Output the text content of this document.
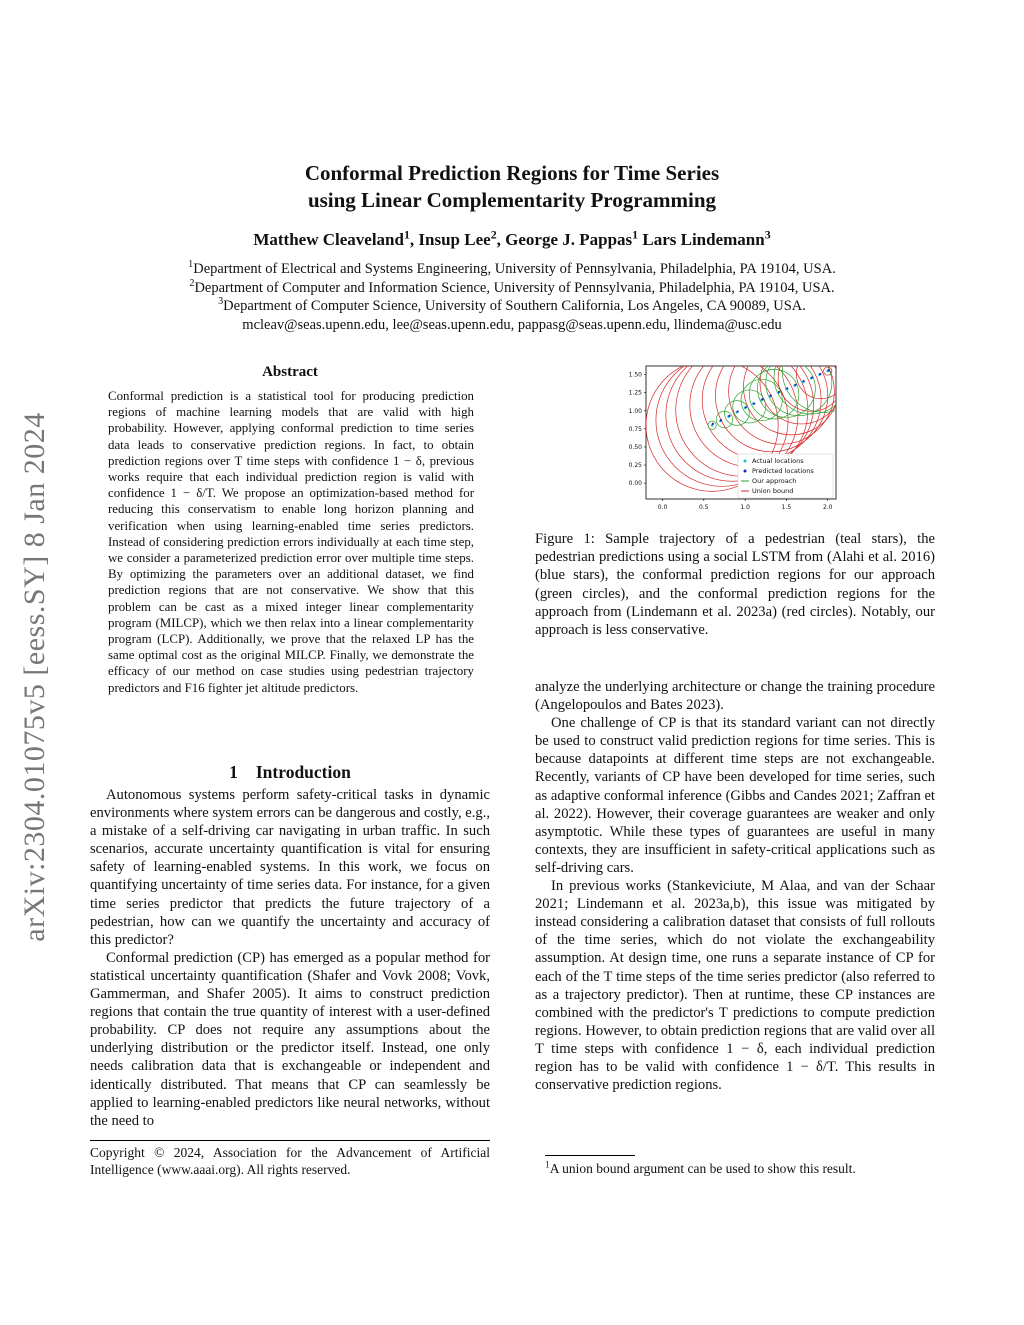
Conformal Prediction Regions for Time Series
using Linear Complementarity Programming
Matthew Cleaveland$^1$, Insup Lee$^2$, George J. Pappas$^1$ Lars Lindemann$^3$
$^1$Department of Electrical and Systems Engineering, University of Pennsylvania, Philadelphia, PA 19104, USA.
$^2$Department of Computer and Information Science, University of Pennsylvania, Philadelphia, PA 19104, USA.
$^3$Department of Computer Science, University of Southern California, Los Angeles, CA 90089, USA.
mcleav@seas.upenn.edu, lee@seas.upenn.edu, pappasg@seas.upenn.edu, llindema@usc.edu
arXiv:2304.01075v5 [eess.SY] 8 Jan 2024
Abstract
Conformal prediction is a statistical tool for producing prediction regions of machine learning models that are valid with high probability. However, applying conformal prediction to time series data leads to conservative prediction regions. In fact, to obtain prediction regions over T time steps with confidence 1 − δ, previous works require that each individual prediction region is valid with confidence 1 − δ/T. We propose an optimization-based method for reducing this conservatism to enable long horizon planning and verification when using learning-enabled time series predictors. Instead of considering prediction errors individually at each time step, we consider a parameterized prediction error over multiple time steps. By optimizing the parameters over an additional dataset, we find prediction regions that are not conservative. We show that this problem can be cast as a mixed integer linear complementarity program (MILCP), which we then relax into a linear complementarity program (LCP). Additionally, we prove that the relaxed LP has the same optimal cost as the original MILCP. Finally, we demonstrate the efficacy of our method on case studies using pedestrian trajectory predictors and F16 fighter jet altitude predictors.
1 Introduction

Autonomous systems perform safety-critical tasks in dynamic environments where system errors can be dangerous and costly, e.g., a mistake of a self-driving car navigating in urban traffic. In such scenarios, accurate uncertainty quantification is vital for ensuring safety of learning-enabled systems. In this work, we focus on quantifying uncertainty of time series data. For instance, for a given time series predictor that predicts the future trajectory of a pedestrian, how can we quantify the uncertainty and accuracy of this predictor?

Conformal prediction (CP) has emerged as a popular method for statistical uncertainty quantification (Shafer and Vovk 2008; Vovk, Gammerman, and Shafer 2005). It aims to construct prediction regions that contain the true quantity of interest with a user-defined probability. CP does not require any assumptions about the underlying distribution or the predictor itself. Instead, one only needs calibration data that is exchangeable or independent and identically distributed. That means that CP can seamlessly be applied to learning-enabled predictors like neural networks, without the need to

Copyright © 2024, Association for the Advancement of Artificial Intelligence (www.aaai.org). All rights reserved.
0.0	0.5	1.0	1.5	2.0
0.00
0.25
0.50
0.75
1.00
1.25
1.50
Actual locations
Predicted locations
Our approach
Union bound
Figure 1: Sample trajectory of a pedestrian (teal stars), the pedestrian predictions using a social LSTM from (Alahi et al. 2016) (blue stars), the conformal prediction regions for our approach (green circles), and the conformal prediction regions for the approach from (Lindemann et al. 2023a) (red circles). Notably, our approach is less conservative.

analyze the underlying architecture or change the training procedure (Angelopoulos and Bates 2023).

One challenge of CP is that its standard variant can not directly be used to construct valid prediction regions for time series. This is because datapoints at different time steps are not exchangeable. Recently, variants of CP have been developed for time series, such as adaptive conformal inference (Gibbs and Candes 2021; Zaffran et al. 2022). However, their coverage guarantees are weaker and only asymptotic. While these types of guarantees are useful in many contexts, they are insufficient in safety-critical applications such as self-driving cars.

In previous works (Stankeviciute, M Alaa, and van der Schaar 2021; Lindemann et al. 2023a,b), this issue was mitigated by instead considering a calibration dataset that consists of full rollouts of the time series, which do not violate the exchangeability assumption. At design time, one runs a separate instance of CP for each of the T time steps of the time series predictor (also referred to as a trajectory predictor). Then at runtime, these CP instances are combined with the predictor's T predictions to compute prediction regions. However, to obtain prediction regions that are valid over all T time steps with confidence 1 − δ, each individual prediction region has to be valid with confidence 1 − δ/T. This results in conservative prediction regions.

$^1$A union bound argument can be used to show this result.
